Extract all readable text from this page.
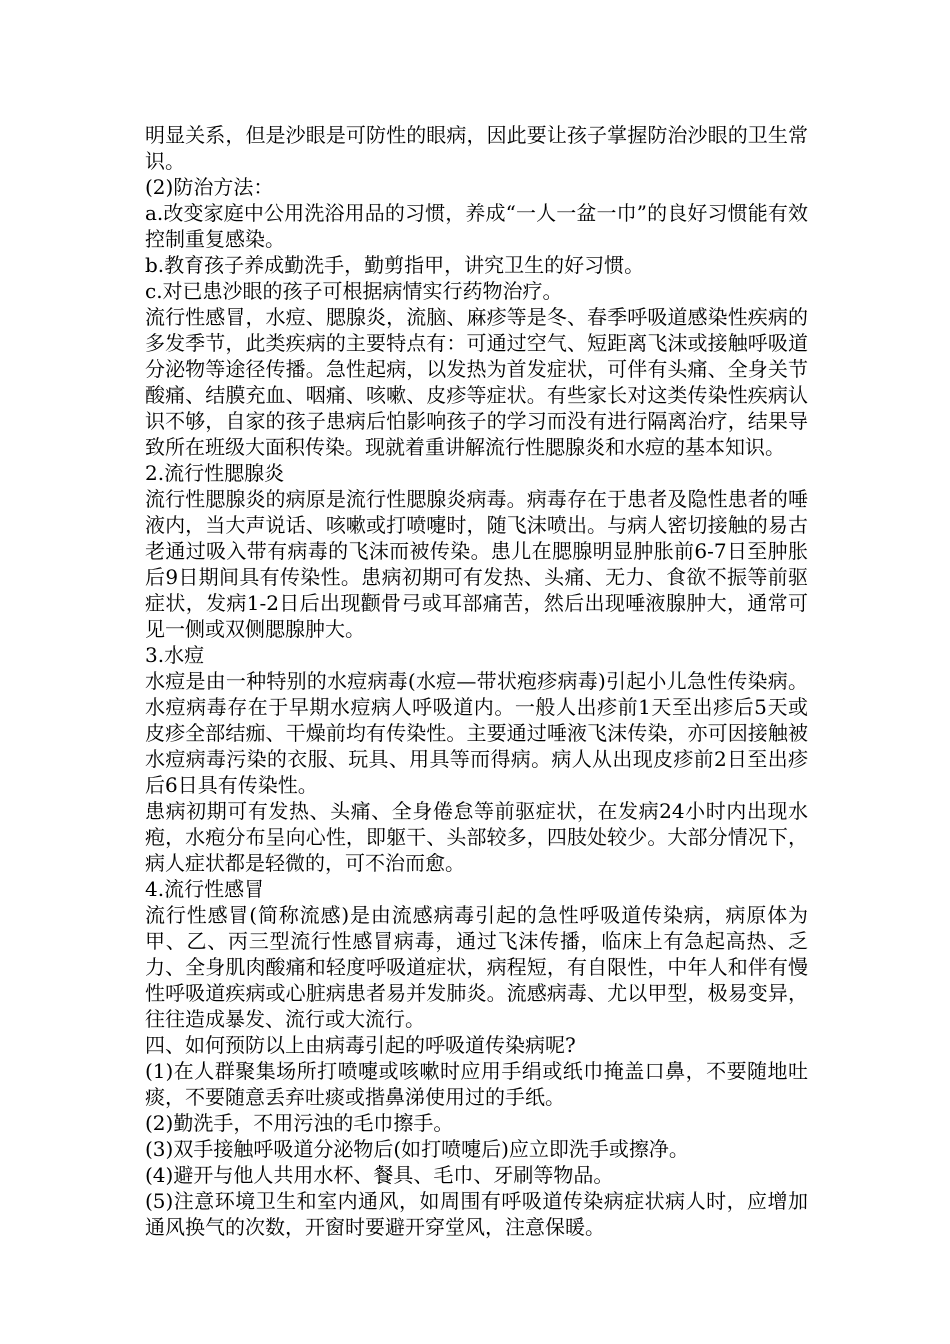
明显关系，但是沙眼是可防性的眼病，因此要让孩子掌握防治沙眼的卫生常识。

(2)防治方法：

a.改变家庭中公用洗浴用品的习惯，养成“一人一盆一巾”的良好习惯能有效控制重复感染。

b.教育孩子养成勤洗手，勤剪指甲，讲究卫生的好习惯。

c.对已患沙眼的孩子可根据病情实行药物治疗。

流行性感冒，水痘、腮腺炎，流脑、麻疹等是冬、春季呼吸道感染性疾病的多发季节，此类疾病的主要特点有：可通过空气、短距离飞沫或接触呼吸道分泌物等途径传播。急性起病，以发热为首发症状，可伴有头痛、全身关节酸痛、结膜充血、咽痛、咳嗽、皮疹等症状。有些家长对这类传染性疾病认识不够，自家的孩子患病后怕影响孩子的学习而没有进行隔离治疗，结果导致所在班级大面积传染。现就着重讲解流行性腮腺炎和水痘的基本知识。

2.流行性腮腺炎

流行性腮腺炎的病原是流行性腮腺炎病毒。病毒存在于患者及隐性患者的唾液内，当大声说话、咳嗽或打喷嚏时，随飞沫喷出。与病人密切接触的易古老通过吸入带有病毒的飞沫而被传染。患儿在腮腺明显肿胀前6-7日至肿胀后9日期间具有传染性。患病初期可有发热、头痛、无力、食欲不振等前驱症状，发病1-2日后出现颧骨弓或耳部痛苦，然后出现唾液腺肿大，通常可见一侧或双侧腮腺肿大。

3.水痘

水痘是由一种特别的水痘病毒(水痘—带状疱疹病毒)引起小儿急性传染病。水痘病毒存在于早期水痘病人呼吸道内。一般人出疹前1天至出疹后5天或皮疹全部结痂、干燥前均有传染性。主要通过唾液飞沫传染，亦可因接触被水痘病毒污染的衣服、玩具、用具等而得病。病人从出现皮疹前2日至出疹后6日具有传染性。

患病初期可有发热、头痛、全身倦怠等前驱症状，在发病24小时内出现水疱，水疱分布呈向心性，即躯干、头部较多，四肢处较少。大部分情况下，病人症状都是轻微的，可不治而愈。

4.流行性感冒

流行性感冒(简称流感)是由流感病毒引起的急性呼吸道传染病，病原体为甲、乙、丙三型流行性感冒病毒，通过飞沫传播，临床上有急起高热、乏力、全身肌肉酸痛和轻度呼吸道症状，病程短，有自限性，中年人和伴有慢性呼吸道疾病或心脏病患者易并发肺炎。流感病毒、尤以甲型，极易变异，往往造成暴发、流行或大流行。

四、如何预防以上由病毒引起的呼吸道传染病呢?

(1)在人群聚集场所打喷嚏或咳嗽时应用手绢或纸巾掩盖口鼻，不要随地吐痰，不要随意丢弃吐痰或揩鼻涕使用过的手纸。

(2)勤洗手，不用污浊的毛巾擦手。

(3)双手接触呼吸道分泌物后(如打喷嚏后)应立即洗手或擦净。

(4)避开与他人共用水杯、餐具、毛巾、牙刷等物品。

(5)注意环境卫生和室内通风，如周围有呼吸道传染病症状病人时，应增加通风换气的次数，开窗时要避开穿堂风，注意保暖。
